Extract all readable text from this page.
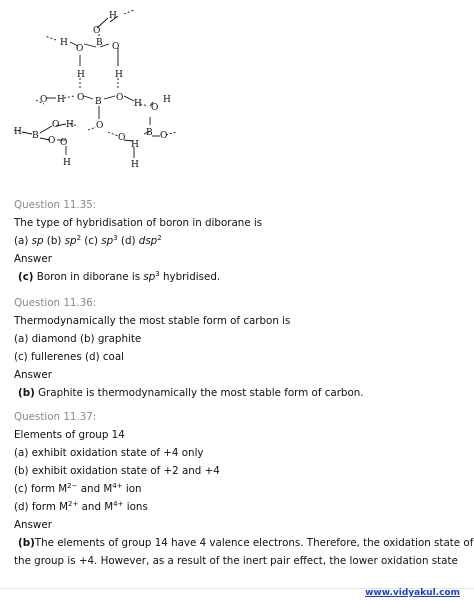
H
O
H
O
B O
H	H
O H O B O
H O
H
O
H B
O H
O O
H
O
H
B O
H
Question 11.35:
The type of hybridisation of boron in diborane is
(a) sp (b) $sp^2$ (c) $sp^3$ (d) dsp$^2$
Answer
(c) Boron in diborane is $sp^3$ hybridised.
Question 11.36:
Thermodynamically the most stable form of carbon is
(a) diamond (b) graphite
(c) fullerenes (d) coal
Answer
(b) Graphite is thermodynamically the most stable form of carbon.
Question 11.37:
Elements of group 14
(a) exhibit oxidation state of +4 only
(b) exhibit oxidation state of +2 and +4
(c) form $M^{2-}$ and $M^{4+}$ ion
(d) form $M^{2+}$ and $M^{4+}$ ions
Answer
(b)The elements of group 14 have 4 valence electrons. Therefore, the oxidation state of
the group is +4. However, as a result of the inert pair effect, the lower oxidation state
www.vidyakul.com
